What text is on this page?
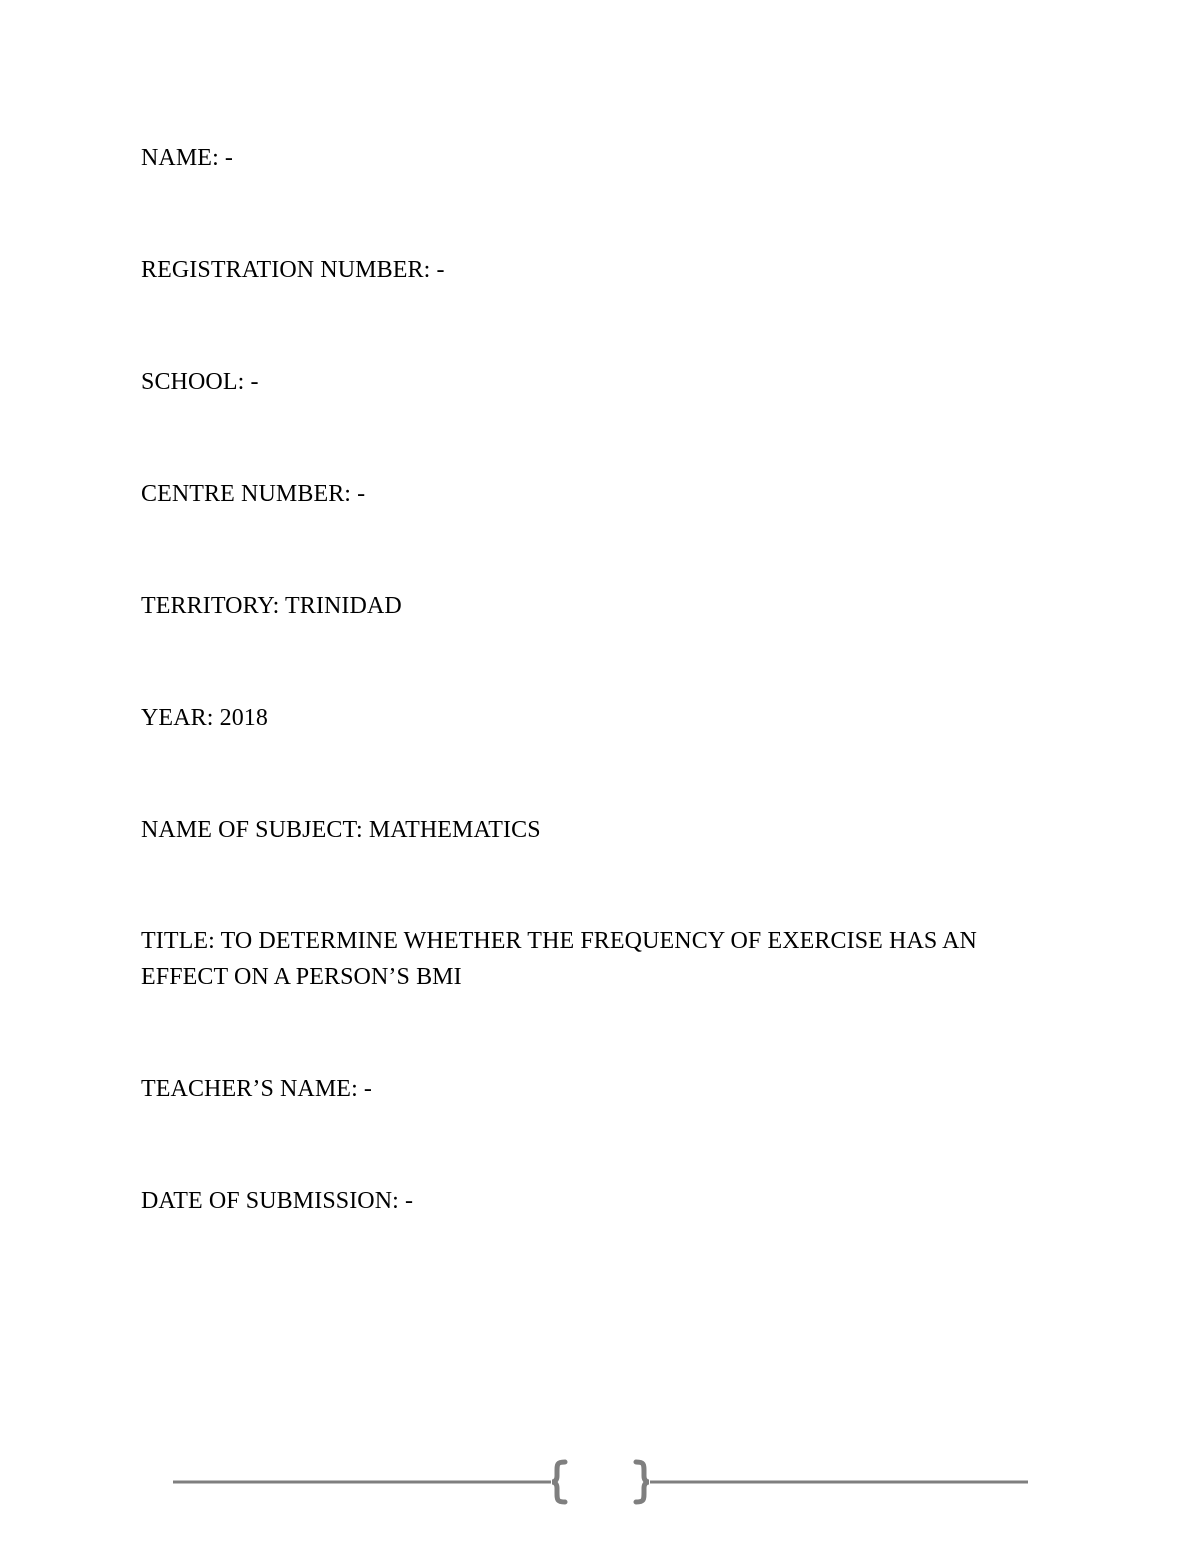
NAME: -

REGISTRATION NUMBER: -

SCHOOL: -

CENTRE NUMBER: -

TERRITORY: TRINIDAD

YEAR: 2018

NAME OF SUBJECT: MATHEMATICS

TITLE: TO DETERMINE WHETHER THE FREQUENCY OF EXERCISE HAS AN EFFECT ON A PERSON’S BMI

TEACHER’S NAME: -

DATE OF SUBMISSION: -
